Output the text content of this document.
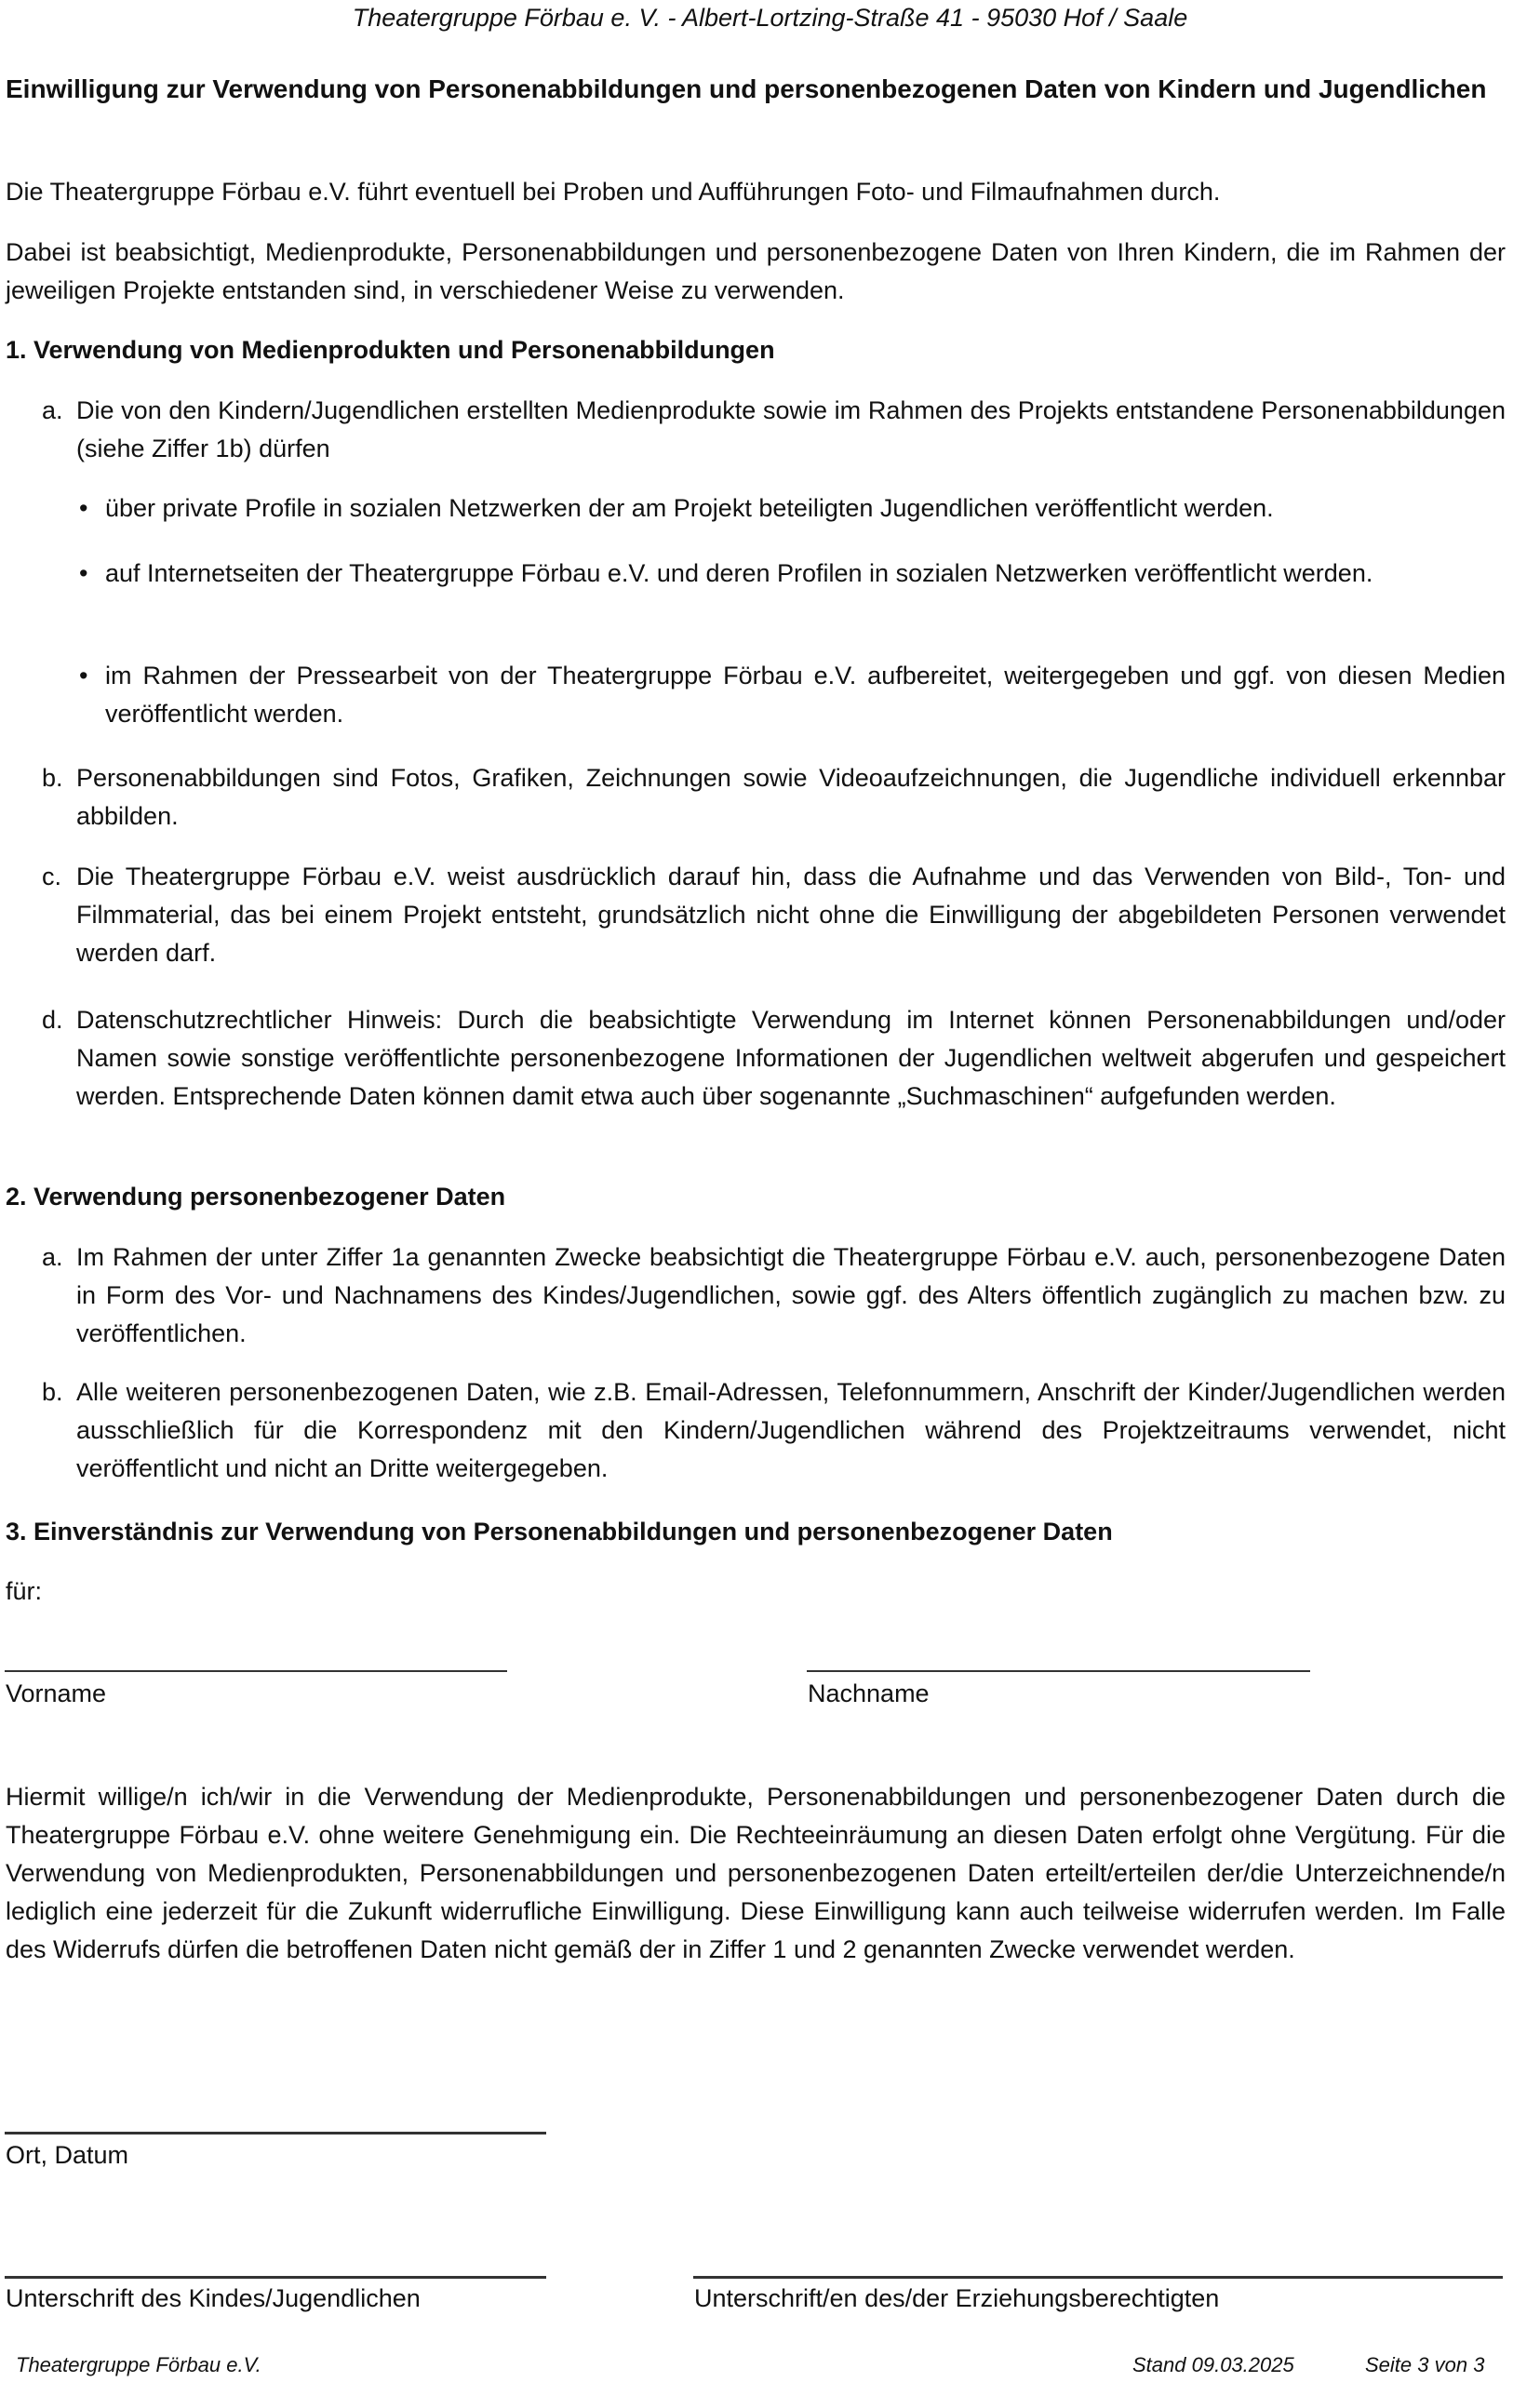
Theatergruppe Förbau e. V. - Albert-Lortzing-Straße 41 - 95030 Hof / Saale
Einwilligung zur Verwendung von Personenabbildungen und personenbezogenen Daten von Kindern und Jugendlichen

Die Theatergruppe Förbau e.V. führt eventuell bei Proben und Aufführungen Foto- und Filmaufnahmen durch.

Dabei ist beabsichtigt, Medienprodukte, Personenabbildungen und personenbezogene Daten von Ihren Kindern, die im Rahmen der jeweiligen Projekte entstanden sind, in verschiedener Weise zu verwenden.

1. Verwendung von Medienprodukten und Personenabbildungen
a. Die von den Kindern/Jugendlichen erstellten Medienprodukte sowie im Rahmen des Projekts entstandene Personenabbildungen (siehe Ziffer 1b) dürfen
• über private Profile in sozialen Netzwerken der am Projekt beteiligten Jugendlichen veröffentlicht werden.
• auf Internetseiten der Theatergruppe Förbau e.V. und deren Profilen in sozialen Netzwerken veröffentlicht werden.
• im Rahmen der Pressearbeit von der Theatergruppe Förbau e.V. aufbereitet, weitergegeben und ggf. von diesen Medien veröffentlicht werden.
b. Personenabbildungen sind Fotos, Grafiken, Zeichnungen sowie Videoaufzeichnungen, die Jugendliche individuell erkennbar abbilden.
c. Die Theatergruppe Förbau e.V. weist ausdrücklich darauf hin, dass die Aufnahme und das Verwenden von Bild-, Ton- und Filmmaterial, das bei einem Projekt entsteht, grundsätzlich nicht ohne die Einwilligung der abgebildeten Personen verwendet werden darf.
d. Datenschutzrechtlicher Hinweis: Durch die beabsichtigte Verwendung im Internet können Personenabbildungen und/oder Namen sowie sonstige veröffentlichte personenbezogene Informationen der Jugendlichen weltweit abgerufen und gespeichert werden. Entsprechende Daten können damit etwa auch über sogenannte „Suchmaschinen“ aufgefunden werden.
2. Verwendung personenbezogener Daten
a. Im Rahmen der unter Ziffer 1a genannten Zwecke beabsichtigt die Theatergruppe Förbau e.V. auch, personenbezogene Daten in Form des Vor- und Nachnamens des Kindes/Jugendlichen, sowie ggf. des Alters öffentlich zugänglich zu machen bzw. zu veröffentlichen.
b. Alle weiteren personenbezogenen Daten, wie z.B. Email-Adressen, Telefonnummern, Anschrift der Kinder/Jugendlichen werden ausschließlich für die Korrespondenz mit den Kindern/Jugendlichen während des Projektzeitraums verwendet, nicht veröffentlicht und nicht an Dritte weitergegeben.
3. Einverständnis zur Verwendung von Personenabbildungen und personenbezogener Daten
für:
Vorname	Nachname

Hiermit willige/n ich/wir in die Verwendung der Medienprodukte, Personenabbildungen und personenbezogener Daten durch die Theatergruppe Förbau e.V. ohne weitere Genehmigung ein. Die Rechteeinräumung an diesen Daten erfolgt ohne Vergütung. Für die Verwendung von Medienprodukten, Personenabbildungen und personenbezogenen Daten erteilt/erteilen der/die Unterzeichnende/n lediglich eine jederzeit für die Zukunft widerrufliche Einwilligung. Diese Einwilligung kann auch teilweise widerrufen werden. Im Falle des Widerrufs dürfen die betroffenen Daten nicht gemäß der in Ziffer 1 und 2 genannten Zwecke verwendet werden.

Ort, Datum
Unterschrift des Kindes/Jugendlichen	Unterschrift/en des/der Erziehungsberechtigten
Theatergruppe Förbau e.V.	Stand 09.03.2025	Seite 3 von 3
